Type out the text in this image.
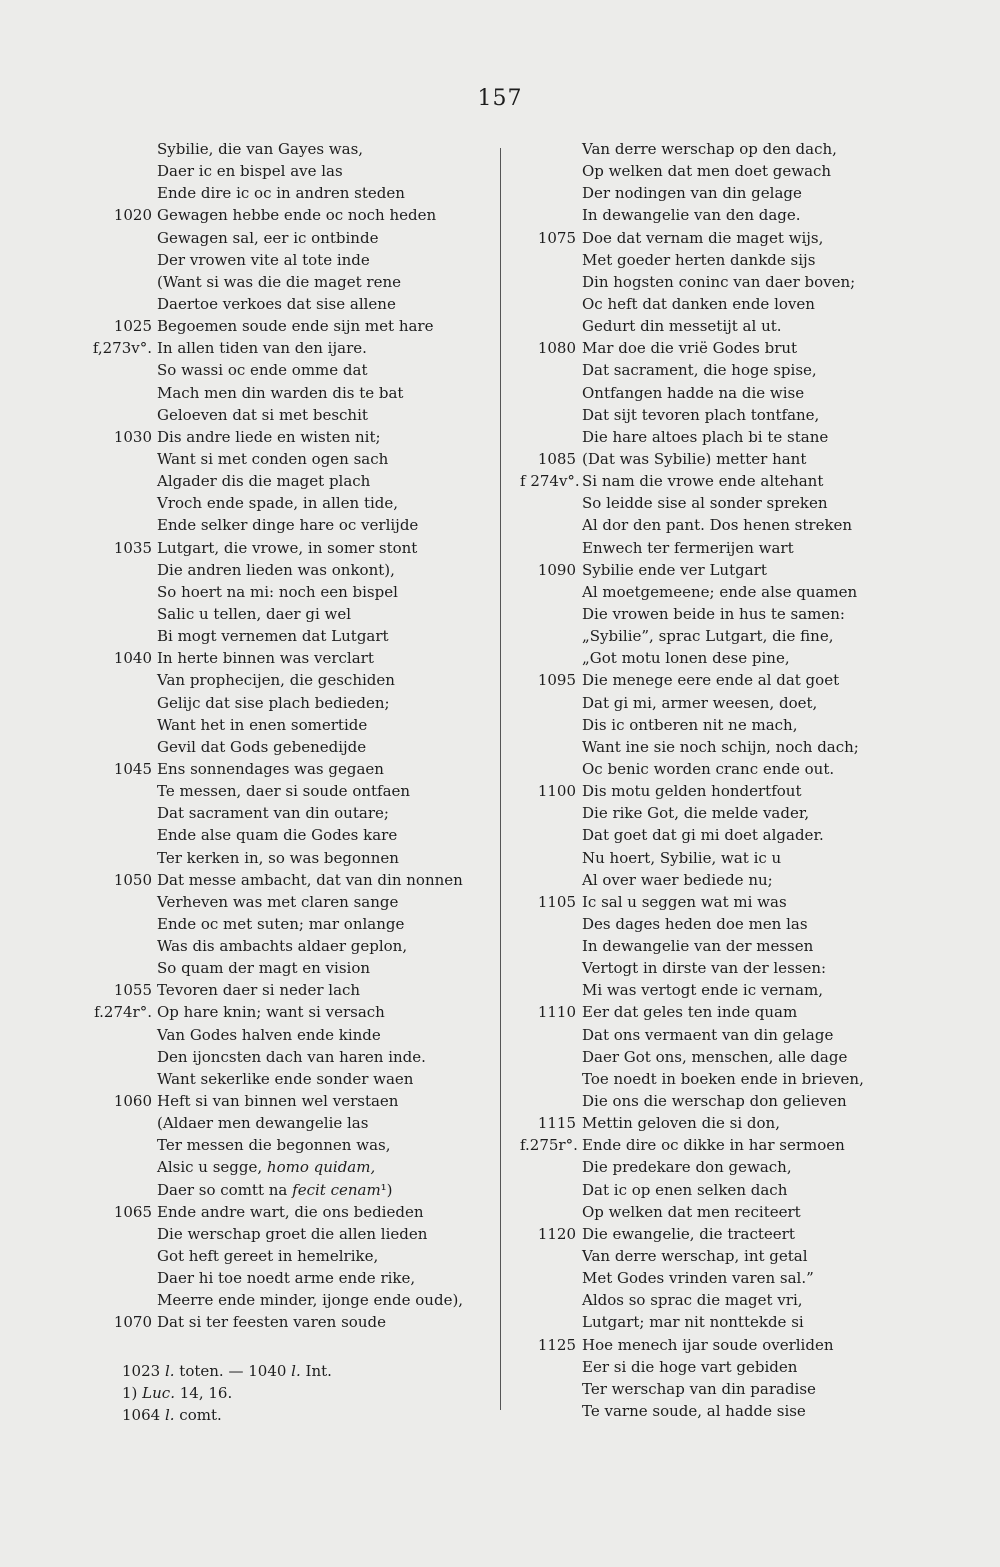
157
Sybilie, die van Gayes was,
Daer ic en bispel ave las
Ende dire ic oc in andren steden
1020 Gewagen hebbe ende oc noch heden
Gewagen sal, eer ic ontbinde
Der vrowen vite al tote inde
(Want si was die die maget rene
Daertoe verkoes dat sise allene
1025 Begoemen soude ende sijn met hare
f,273v°. In allen tiden van den ijare.
So wassi oc ende omme dat
Mach men din warden dis te bat
Geloeven dat si met beschit
1030 Dis andre liede en wisten nit;
Want si met conden ogen sach
Algader dis die maget plach
Vroch ende spade, in allen tide,
Ende selker dinge hare oc verlijde
1035 Lutgart, die vrowe, in somer stont
Die andren lieden was onkont),
So hoert na mi: noch een bispel
Salic u tellen, daer gi wel
Bi mogt vernemen dat Lutgart
1040 In herte binnen was verclart
Van prophecijen, die geschiden
Gelijc dat sise plach bedieden;
Want het in enen somertide
Gevil dat Gods gebenedijde
1045 Ens sonnendages was gegaen
Te messen, daer si soude ontfaen
Dat sacrament van din outare;
Ende alse quam die Godes kare
Ter kerken in, so was begonnen
1050 Dat messe ambacht, dat van din nonnen
Verheven was met claren sange
Ende oc met suten; mar onlange
Was dis ambachts aldaer geplon,
So quam der magt en vision
1055 Tevoren daer si neder lach
f.274r°. Op hare knin; want si versach
Van Godes halven ende kinde
Den ijoncsten dach van haren inde.
Want sekerlike ende sonder waen
1060 Heft si van binnen wel verstaen
(Aldaer men dewangelie las
Ter messen die begonnen was,
Alsic u segge, homo quidam,
Daer so comtt na fecit cenam¹)
1065 Ende andre wart, die ons bedieden
Die werschap groet die allen lieden
Got heft gereet in hemelrike,
Daer hi toe noedt arme ende rike,
Meerre ende minder, ijonge ende oude),
1070 Dat si ter feesten varen soude
Van derre werschap op den dach,
Op welken dat men doet gewach
Der nodingen van din gelage
In dewangelie van den dage.
1075 Doe dat vernam die maget wijs,
Met goeder herten dankde sijs
Din hogsten coninc van daer boven;
Oc heft dat danken ende loven
Gedurt din messetijt al ut.
1080 Mar doe die vrië Godes brut
Dat sacrament, die hoge spise,
Ontfangen hadde na die wise
Dat sijt tevoren plach tontfane,
Die hare altoes plach bi te stane
1085 (Dat was Sybilie) metter hant
f 274v°. Si nam die vrowe ende altehant
So leidde sise al sonder spreken
Al dor den pant. Dos henen streken
Enwech ter fermerijen wart
1090 Sybilie ende ver Lutgart
Al moetgemeene; ende alse quamen
Die vrowen beide in hus te samen:
„Sybilie”, sprac Lutgart, die fine,
„Got motu lonen dese pine,
1095 Die menege eere ende al dat goet
Dat gi mi, armer weesen, doet,
Dis ic ontberen nit ne mach,
Want ine sie noch schijn, noch dach;
Oc benic worden cranc ende out.
1100 Dis motu gelden hondertfout
Die rike Got, die melde vader,
Dat goet dat gi mi doet algader.
Nu hoert, Sybilie, wat ic u
Al over waer bediede nu;
1105 Ic sal u seggen wat mi was
Des dages heden doe men las
In dewangelie van der messen
Vertogt in dirste van der lessen:
Mi was vertogt ende ic vernam,
1110 Eer dat geles ten inde quam
Dat ons vermaent van din gelage
Daer Got ons, menschen, alle dage
Toe noedt in boeken ende in brieven,
Die ons die werschap don gelieven
1115 Mettin geloven die si don,
f.275r°. Ende dire oc dikke in har sermoen
Die predekare don gewach,
Dat ic op enen selken dach
Op welken dat men reciteert
1120 Die ewangelie, die tracteert
Van derre werschap, int getal
Met Godes vrinden varen sal.”
Aldos so sprac die maget vri,
Lutgart; mar nit nonttekde si
1125 Hoe menech ijar soude overliden
Eer si die hoge vart gebiden
Ter werschap van din paradise
Te varne soude, al hadde sise
1023 l. toten. — 1040 l. Int.
1) Luc. 14, 16.
1064 l. comt.
